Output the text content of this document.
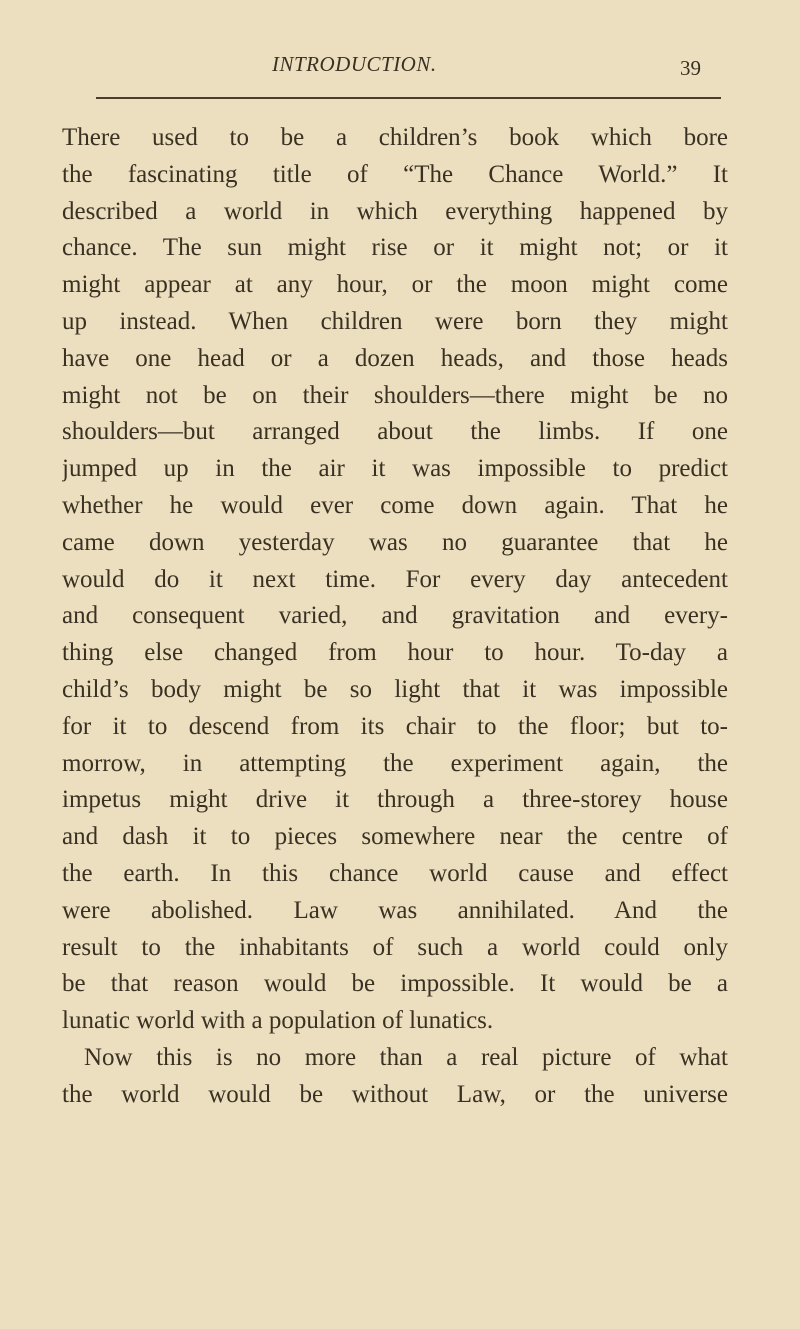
INTRODUCTION.	39
There used to be a children’s book which bore
the fascinating title of “The Chance World.” It
described a world in which everything happened by
chance. The sun might rise or it might not; or it
might appear at any hour, or the moon might come
up instead. When children were born they might
have one head or a dozen heads, and those heads
might not be on their shoulders—there might be no
shoulders—but arranged about the limbs. If one
jumped up in the air it was impossible to predict
whether he would ever come down again. That he
came down yesterday was no guarantee that he
would do it next time. For every day antecedent
and consequent varied, and gravitation and every-
thing else changed from hour to hour. To-day a
child’s body might be so light that it was impossible
for it to descend from its chair to the floor; but to-
morrow, in attempting the experiment again, the
impetus might drive it through a three-storey house
and dash it to pieces somewhere near the centre of
the earth. In this chance world cause and effect
were abolished. Law was annihilated. And the
result to the inhabitants of such a world could only
be that reason would be impossible. It would be a
lunatic world with a population of lunatics.
Now this is no more than a real picture of what
the world would be without Law, or the universe
